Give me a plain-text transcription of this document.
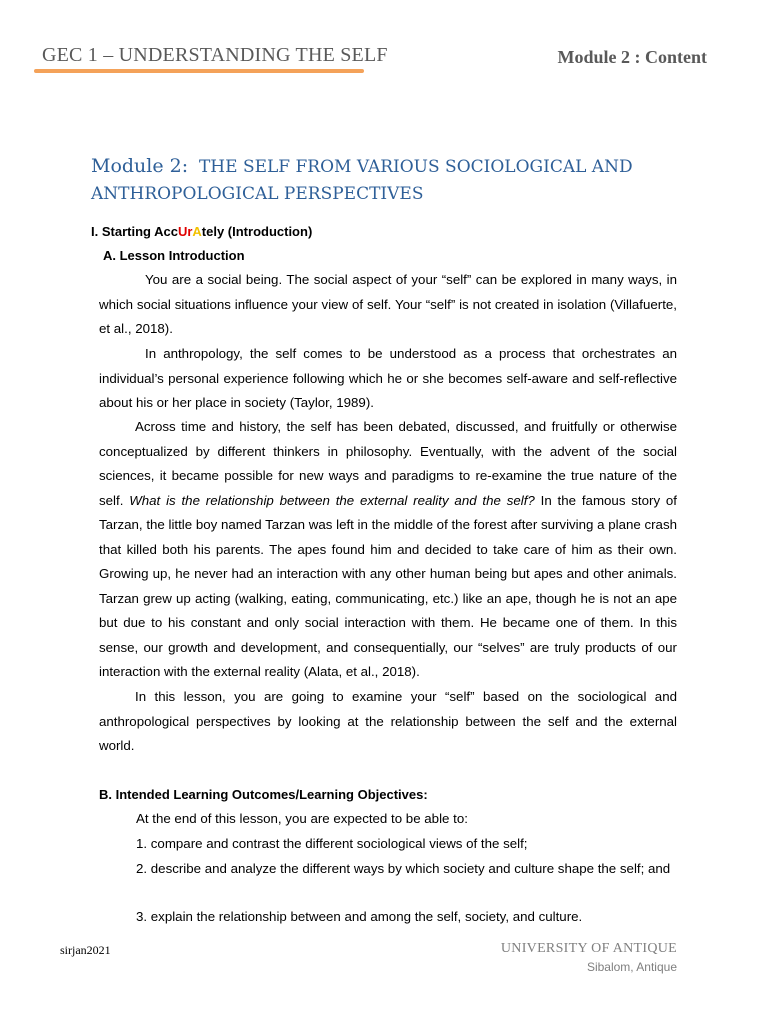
GEC 1 – UNDERSTANDING THE SELF	Module 2 : Content
Module 2: THE SELF FROM VARIOUS SOCIOLOGICAL AND
ANTHROPOLOGICAL PERSPECTIVES
I. Starting AccUrAtely (Introduction)
A. Lesson Introduction

You are a social being. The social aspect of your “self” can be explored in many ways, in which social situations influence your view of self. Your “self” is not created in isolation (Villafuerte, et al., 2018).

In anthropology, the self comes to be understood as a process that orchestrates an individual’s personal experience following which he or she becomes self-aware and self-reflective about his or her place in society (Taylor, 1989).

Across time and history, the self has been debated, discussed, and fruitfully or otherwise conceptualized by different thinkers in philosophy. Eventually, with the advent of the social sciences, it became possible for new ways and paradigms to re-examine the true nature of the self. What is the relationship between the external reality and the self? In the famous story of Tarzan, the little boy named Tarzan was left in the middle of the forest after surviving a plane crash that killed both his parents. The apes found him and decided to take care of him as their own. Growing up, he never had an interaction with any other human being but apes and other animals. Tarzan grew up acting (walking, eating, communicating, etc.) like an ape, though he is not an ape but due to his constant and only social interaction with them. He became one of them. In this sense, our growth and development, and consequentially, our “selves” are truly products of our interaction with the external reality (Alata, et al., 2018).

In this lesson, you are going to examine your “self” based on the sociological and anthropological perspectives by looking at the relationship between the self and the external world.

B. Intended Learning Outcomes/Learning Objectives:

At the end of this lesson, you are expected to be able to:

1. compare and contrast the different sociological views of the self;

2. describe and analyze the different ways by which society and culture shape the self; and

3. explain the relationship between and among the self, society, and culture.

sirjan2021	UNIVERSITY OF ANTIQUE
Sibalom, Antique
